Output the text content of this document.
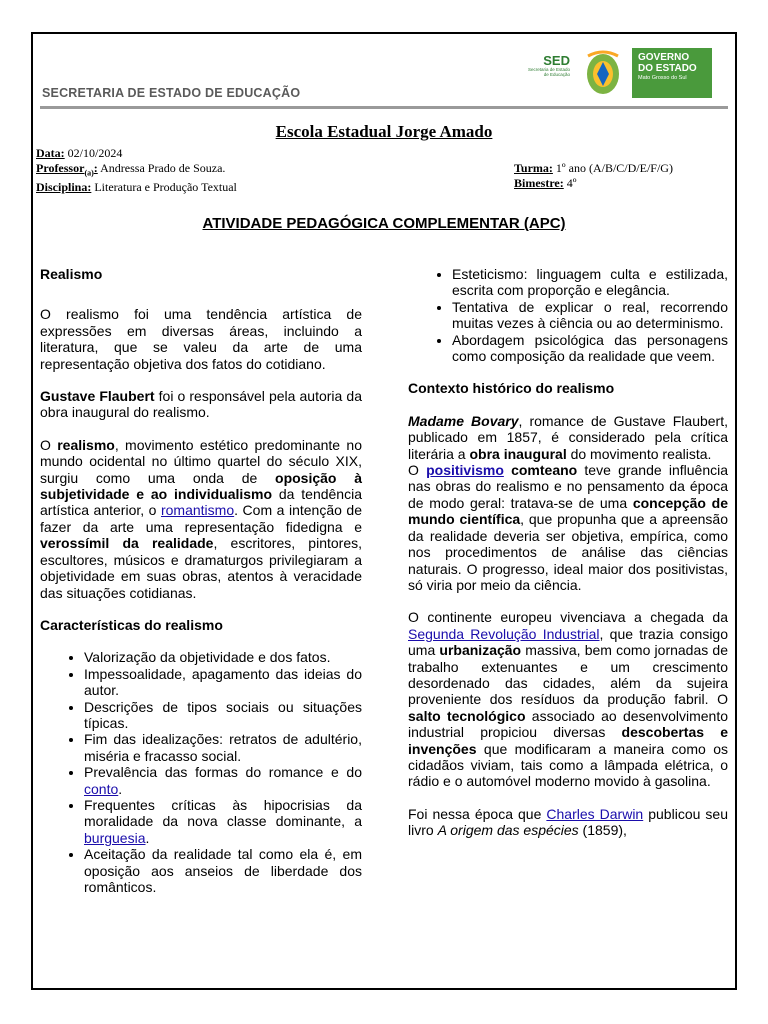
SECRETARIA DE ESTADO DE EDUCAÇÃO
SED
Secretaria de Estado
de Educação
GOVERNO
DO ESTADO
Mato Grosso do Sul
Escola Estadual Jorge Amado
Data: 02/10/2024
Professor$_{(a)}$: Andressa Prado de Souza.
Disciplina: Literatura e Produção Textual
Turma: 1º ano (A/B/C/D/E/F/G)
Bimestre: 4º
ATIVIDADE PEDAGÓGICA COMPLEMENTAR (APC)
Realismo

O realismo foi uma tendência artística de expressões em diversas áreas, incluindo a literatura, que se valeu da arte de uma representação objetiva dos fatos do cotidiano.

Gustave Flaubert foi o responsável pela autoria da obra inaugural do realismo.

O realismo, movimento estético predominante no mundo ocidental no último quartel do século XIX, surgiu como uma onda de oposição à subjetividade e ao individualismo da tendência artística anterior, o romantismo. Com a intenção de fazer da arte uma representação fidedigna e verossímil da realidade, escritores, pintores, escultores, músicos e dramaturgos privilegiaram a objetividade em suas obras, atentos à veracidade das situações cotidianas.

Características do realismo

• Valorização da objetividade e dos fatos.
• Impessoalidade, apagamento das ideias do autor.
• Descrições de tipos sociais ou situações típicas.
• Fim das idealizações: retratos de adultério, miséria e fracasso social.
• Prevalência das formas do romance e do conto.
• Frequentes críticas às hipocrisias da moralidade da nova classe dominante, a burguesia.
• Aceitação da realidade tal como ela é, em oposição aos anseios de liberdade dos românticos.
• Esteticismo: linguagem culta e estilizada, escrita com proporção e elegância.
• Tentativa de explicar o real, recorrendo muitas vezes à ciência ou ao determinismo.
• Abordagem psicológica das personagens como composição da realidade que veem.

Contexto histórico do realismo

Madame Bovary, romance de Gustave Flaubert, publicado em 1857, é considerado pela crítica literária a obra inaugural do movimento realista.

O positivismo comteano teve grande influência nas obras do realismo e no pensamento da época de modo geral: tratava-se de uma concepção de mundo científica, que propunha que a apreensão da realidade deveria ser objetiva, empírica, como nos procedimentos de análise das ciências naturais. O progresso, ideal maior dos positivistas, só viria por meio da ciência.

O continente europeu vivenciava a chegada da Segunda Revolução Industrial, que trazia consigo uma urbanização massiva, bem como jornadas de trabalho extenuantes e um crescimento desordenado das cidades, além da sujeira proveniente dos resíduos da produção fabril. O salto tecnológico associado ao desenvolvimento industrial propiciou diversas descobertas e invenções que modificaram a maneira como os cidadãos viviam, tais como a lâmpada elétrica, o rádio e o automóvel moderno movido à gasolina.

Foi nessa época que Charles Darwin publicou seu livro A origem das espécies (1859),
